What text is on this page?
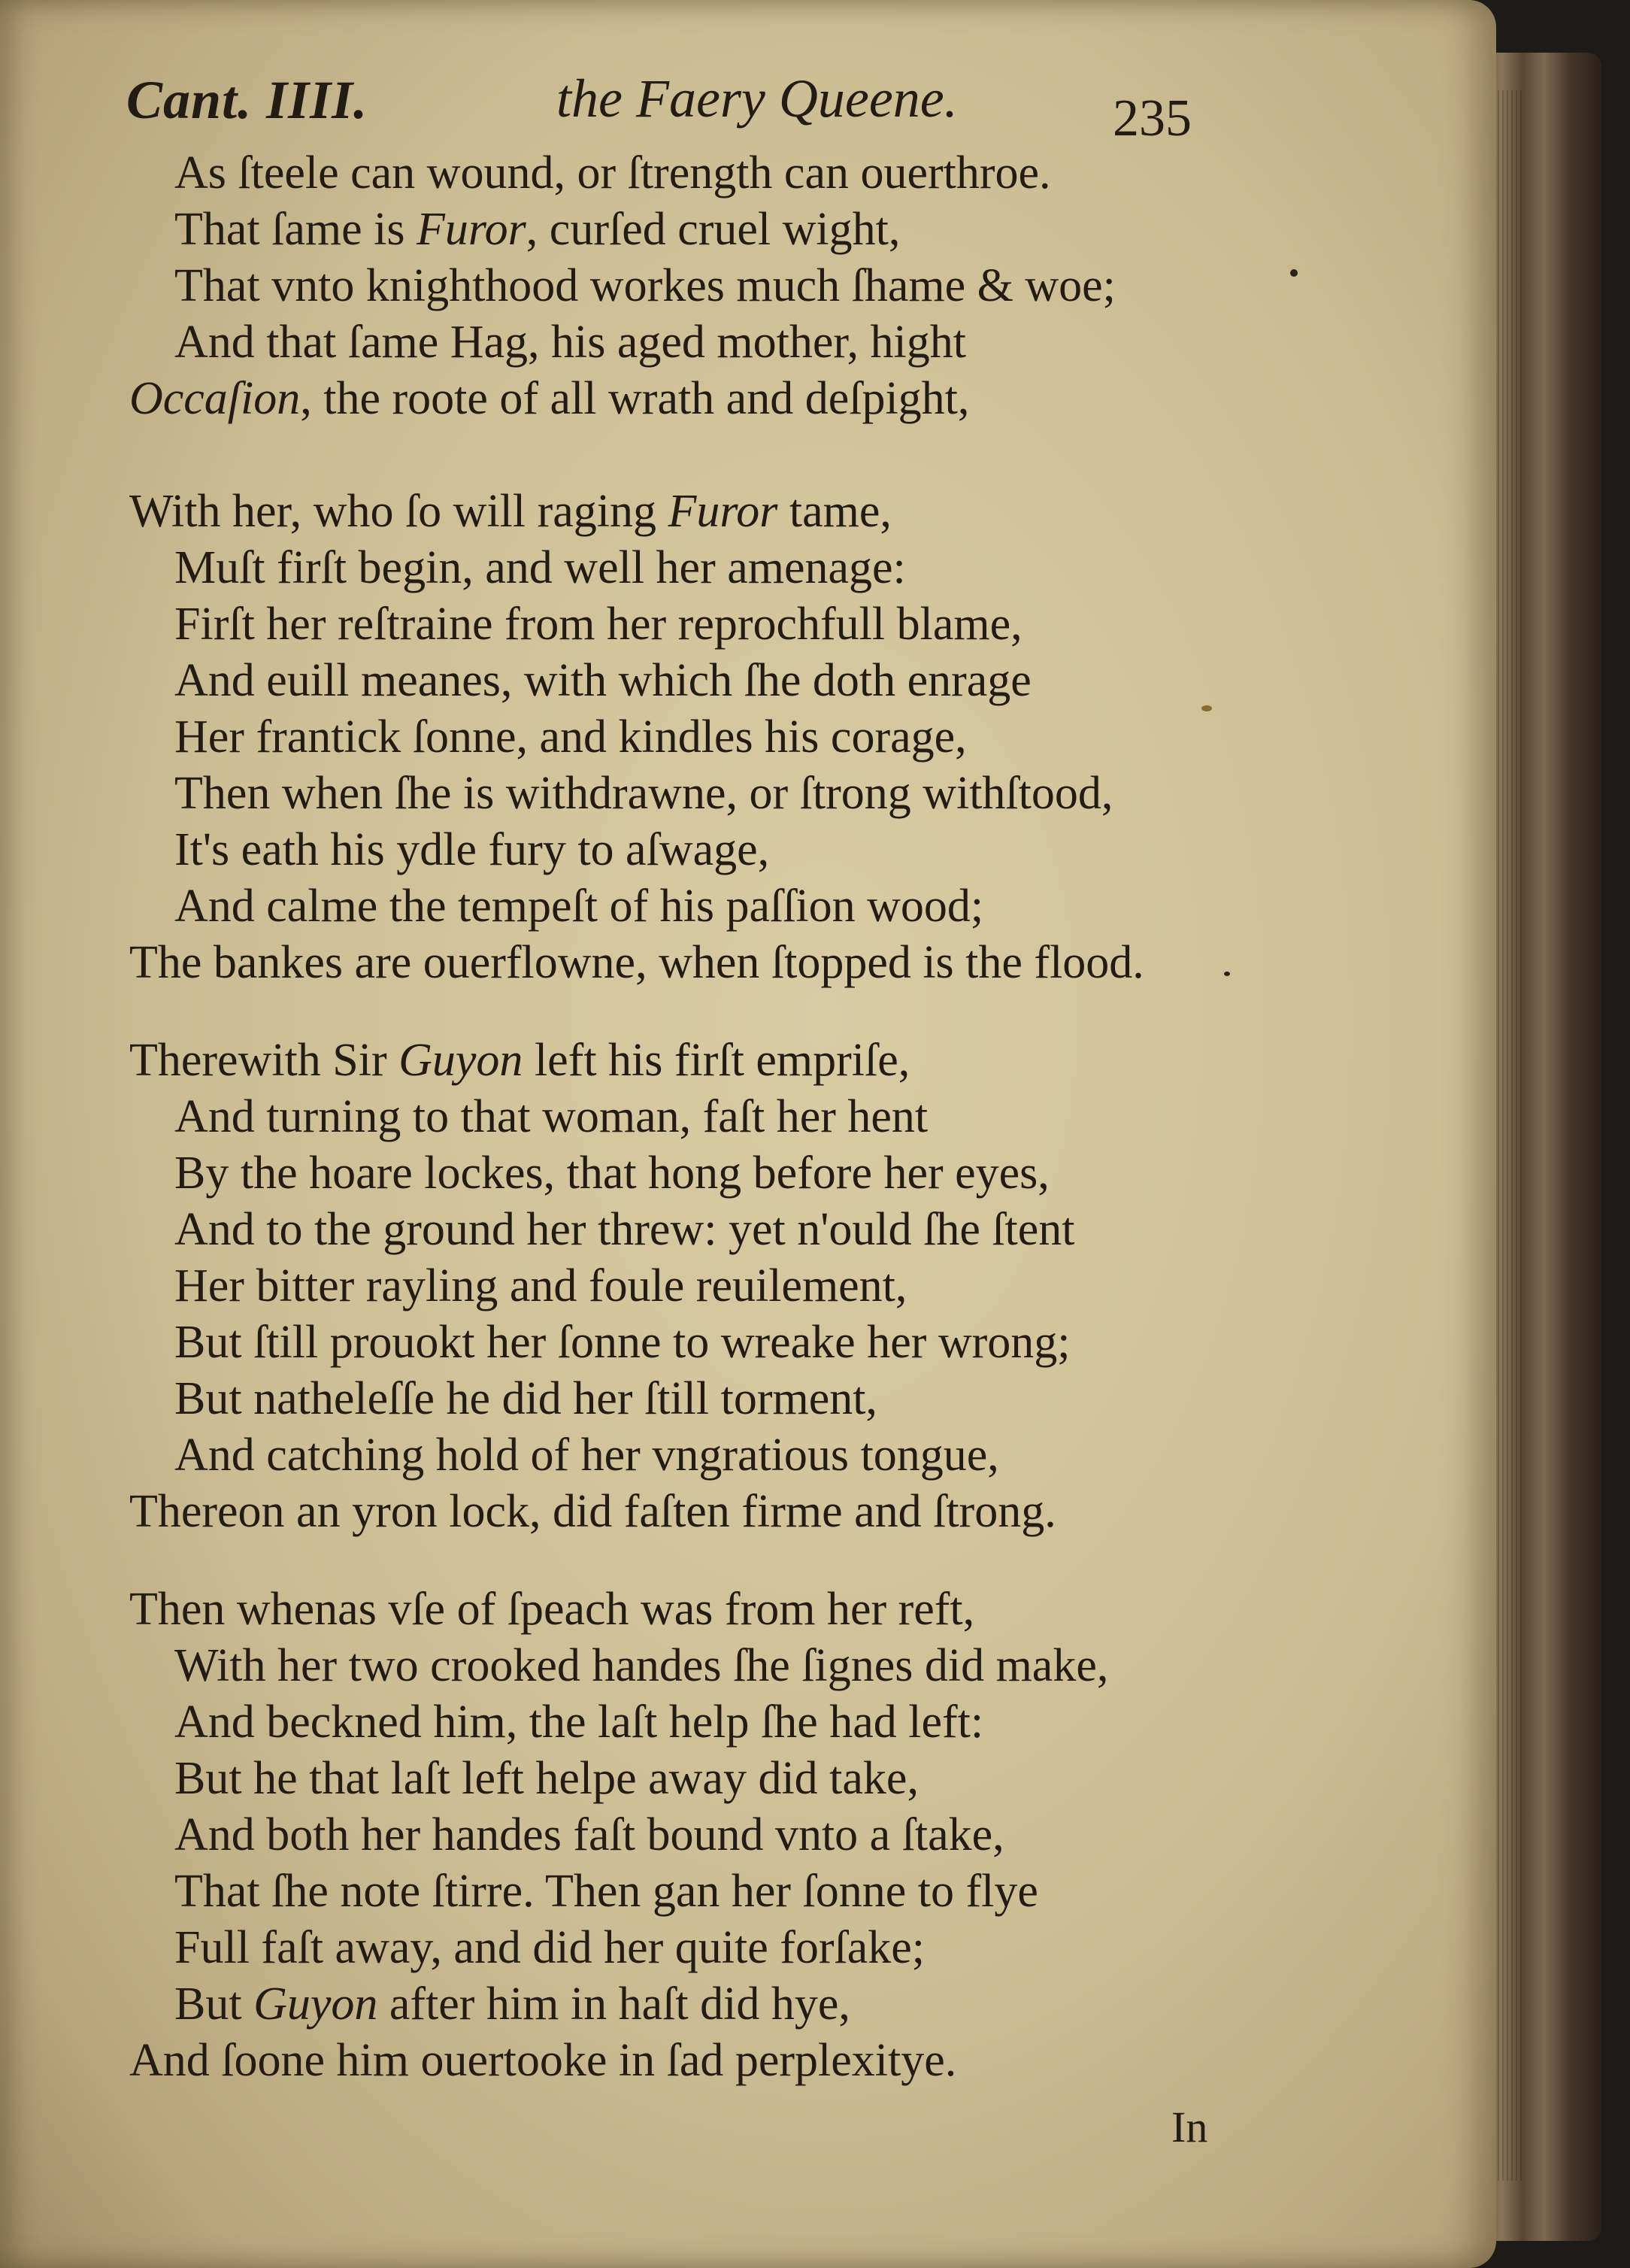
Cant. IIII.	the Faery Queene.	235
As ſteele can wound, or ſtrength can ouerthroe.
That ſame is Furor, curſed cruel wight,
That vnto knighthood workes much ſhame & woe;
And that ſame Hag, his aged mother, hight
Occaſion, the roote of all wrath and deſpight,
With her, who ſo will raging Furor tame,
Muſt firſt begin, and well her amenage:
Firſt her reſtraine from her reprochfull blame,
And euill meanes, with which ſhe doth enrage
Her frantick ſonne, and kindles his corage,
Then when ſhe is withdrawne, or ſtrong withſtood,
It's eath his ydle fury to aſwage,
And calme the tempeſt of his paſſion wood;
The bankes are ouerflowne, when ſtopped is the flood.
Therewith Sir Guyon left his firſt empriſe,
And turning to that woman, faſt her hent
By the hoare lockes, that hong before her eyes,
And to the ground her threw: yet n'ould ſhe ſtent
Her bitter rayling and foule reuilement,
But ſtill prouokt her ſonne to wreake her wrong;
But natheleſſe he did her ſtill torment,
And catching hold of her vngratious tongue,
Thereon an yron lock, did faſten firme and ſtrong.
Then whenas vſe of ſpeach was from her reft,
With her two crooked handes ſhe ſignes did make,
And beckned him, the laſt help ſhe had left:
But he that laſt left helpe away did take,
And both her handes faſt bound vnto a ſtake,
That ſhe note ſtirre. Then gan her ſonne to flye
Full faſt away, and did her quite forſake;
But Guyon after him in haſt did hye,
And ſoone him ouertooke in ſad perplexitye.
In
